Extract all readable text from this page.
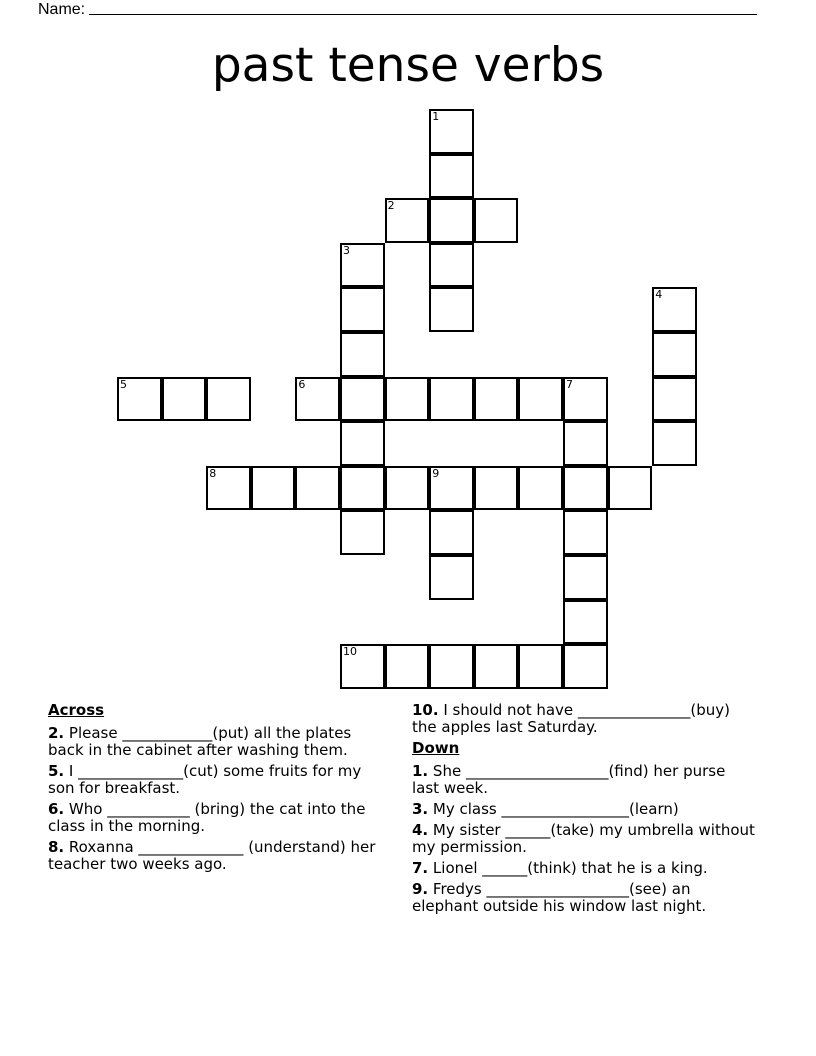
Name:
past tense verbs
1
2
3
4
5	6	7
8	9
10
Across
2. Please ____________(put) all the plates back in the cabinet after washing them.
5. I ______________(cut) some fruits for my son for breakfast.
6. Who ___________ (bring) the cat into the class in the morning.
8. Roxanna ______________ (understand) her teacher two weeks ago.
10. I should not have _______________(buy) the apples last Saturday.
Down
1. She ___________________(find) her purse last week.
3. My class _________________(learn)
4. My sister ______(take) my umbrella without my permission.
7. Lionel ______(think) that he is a king.
9. Fredys ___________________(see) an elephant outside his window last night.
